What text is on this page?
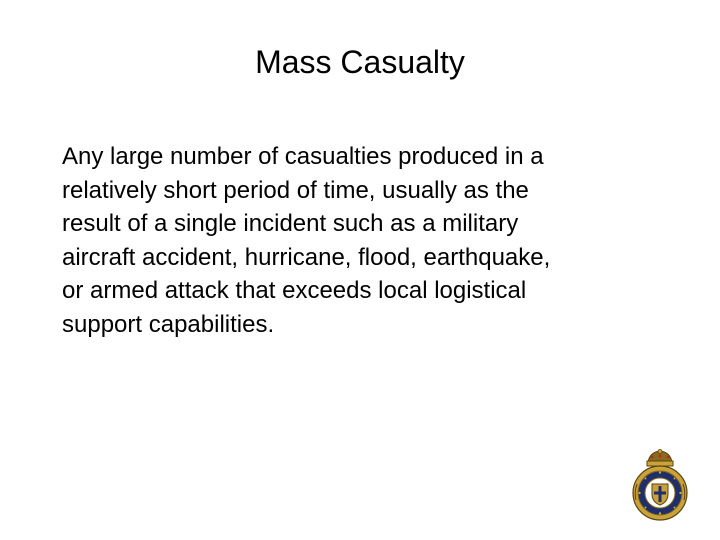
Mass Casualty
Any large number of casualties produced in a
relatively short period of time, usually as the
result of a single incident such as a military
aircraft accident, hurricane, flood, earthquake,
or armed attack that exceeds local logistical
support capabilities.
